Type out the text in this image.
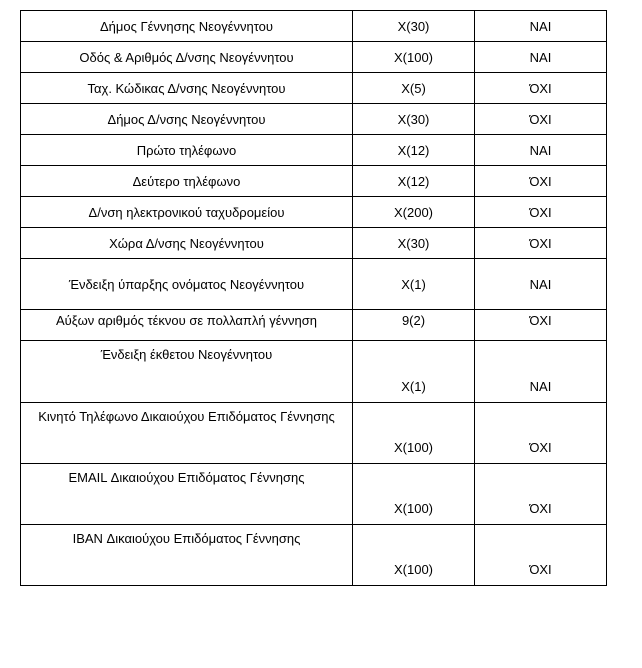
Δήμος Γέννησης Νεογέννητου	X(30)	ΝΑΙ
Οδός & Αριθμός Δ/νσης Νεογέννητου	X(100)	ΝΑΙ
Ταχ. Κώδικας Δ/νσης Νεογέννητου	X(5)	ΌΧΙ
Δήμος Δ/νσης Νεογέννητου	X(30)	ΌΧΙ
Πρώτο τηλέφωνο	X(12)	ΝΑΙ
Δεύτερο τηλέφωνο	X(12)	ΌΧΙ
Δ/νση ηλεκτρονικού ταχυδρομείου	X(200)	ΌΧΙ
Χώρα Δ/νσης Νεογέννητου	X(30)	ΌΧΙ
Ένδειξη ύπαρξης ονόματος Νεογέννητου	X(1)	ΝΑΙ
Αύξων αριθμός τέκνου σε πολλαπλή γέννηση	9(2)	ΌΧΙ
Ένδειξη έκθετου Νεογέννητου	X(1)	ΝΑΙ
Κινητό Τηλέφωνο Δικαιούχου Επιδόματος Γέννησης	X(100)	ΌΧΙ
EMAIL Δικαιούχου Επιδόματος Γέννησης	X(100)	ΌΧΙ
IBAN Δικαιούχου Επιδόματος Γέννησης	X(100)	ΌΧΙ
